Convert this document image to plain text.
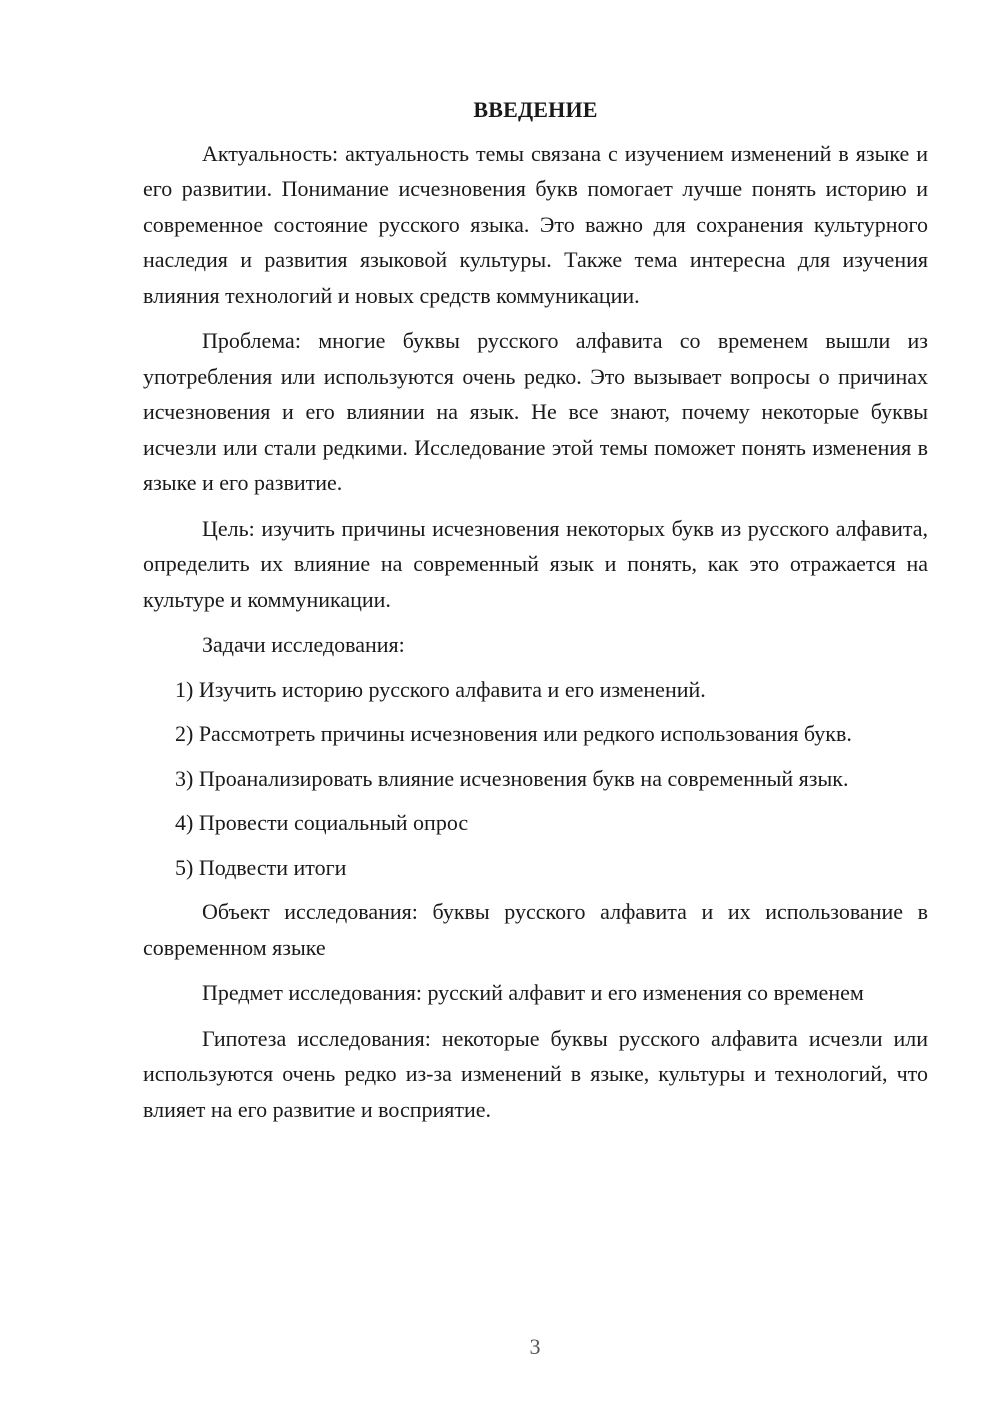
ВВЕДЕНИЕ

Актуальность: актуальность темы связана с изучением изменений в языке и его развитии. Понимание исчезновения букв помогает лучше понять историю и современное состояние русского языка. Это важно для сохранения культурного наследия и развития языковой культуры. Также тема интересна для изучения влияния технологий и новых средств коммуникации.

Проблема: многие буквы русского алфавита со временем вышли из употребления или используются очень редко. Это вызывает вопросы о причинах исчезновения и его влиянии на язык. Не все знают, почему некоторые буквы исчезли или стали редкими. Исследование этой темы поможет понять изменения в языке и его развитие.

Цель: изучить причины исчезновения некоторых букв из русского алфавита, определить их влияние на современный язык и понять, как это отражается на культуре и коммуникации.

Задачи исследования:

1) Изучить историю русского алфавита и его изменений.

2) Рассмотреть причины исчезновения или редкого использования букв.

3) Проанализировать влияние исчезновения букв на современный язык.

4) Провести социальный опрос

5) Подвести итоги

Объект исследования: буквы русского алфавита и их использование в современном языке

Предмет исследования: русский алфавит и его изменения со временем

Гипотеза исследования: некоторые буквы русского алфавита исчезли или используются очень редко из-за изменений в языке, культуры и технологий, что влияет на его развитие и восприятие.

3
